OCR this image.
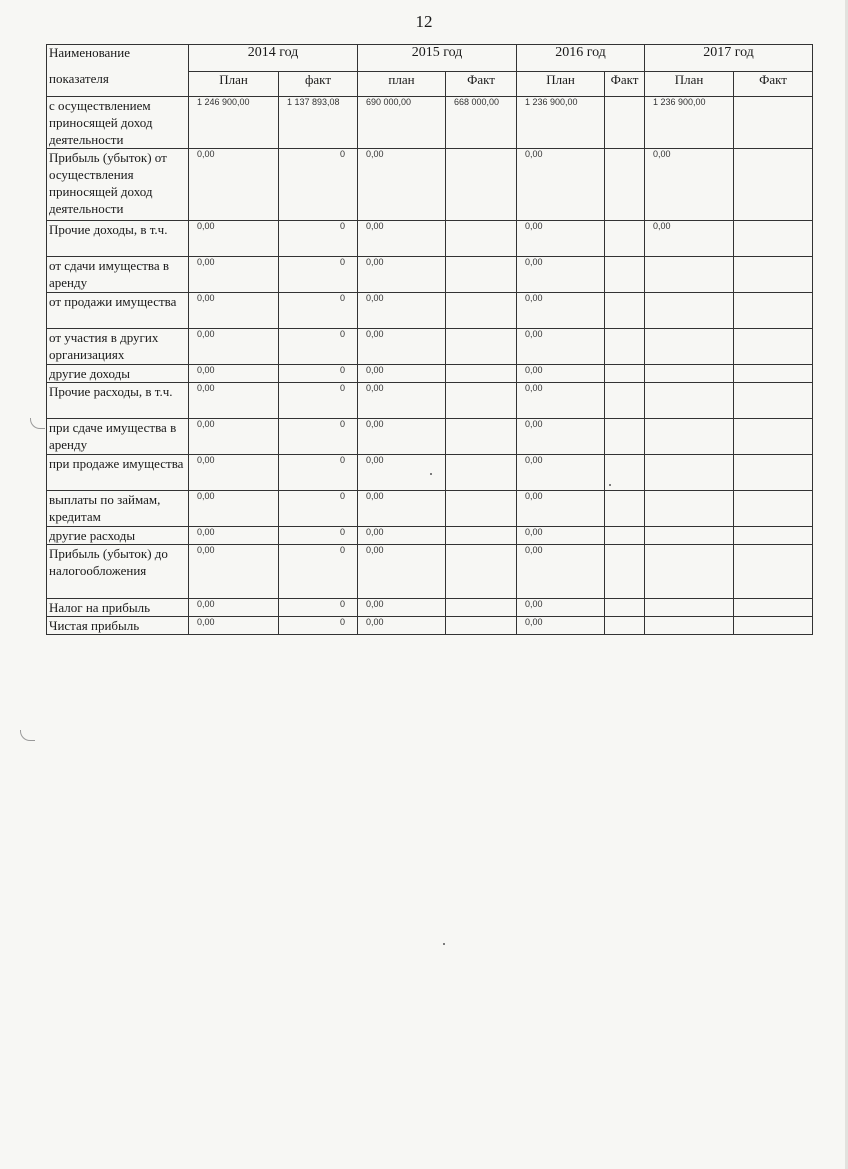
12
Наименование
показателя	2014 год		2015 год		2016 год		2017 год	
	План	факт	план	Факт	План	Факт	План	Факт
с осуществлением приносящей доход деятельности	1 246 900,00	1 137 893,08	690 000,00	668 000,00	1 236 900,00		1 236 900,00	
Прибыль (убыток) от осуществления приносящей доход деятельности	0,00	0	0,00		0,00		0,00	
Прочие доходы, в т.ч.	0,00	0	0,00		0,00		0,00	
от сдачи имущества в аренду	0,00	0	0,00		0,00			
от продажи имущества	0,00	0	0,00		0,00			
от участия в других организациях	0,00	0	0,00		0,00			
другие доходы	0,00	0	0,00		0,00			
Прочие расходы, в т.ч.	0,00	0	0,00		0,00			
при сдаче имущества в аренду	0,00	0	0,00		0,00			
при продаже имущества	0,00	0	0,00		0,00			
выплаты по займам, кредитам	0,00	0	0,00		0,00			
другие расходы	0,00	0	0,00		0,00			
Прибыль (убыток) до налогообложения	0,00	0	0,00		0,00			
Налог на прибыль	0,00	0	0,00		0,00			
Чистая прибыль	0,00	0	0,00		0,00			
